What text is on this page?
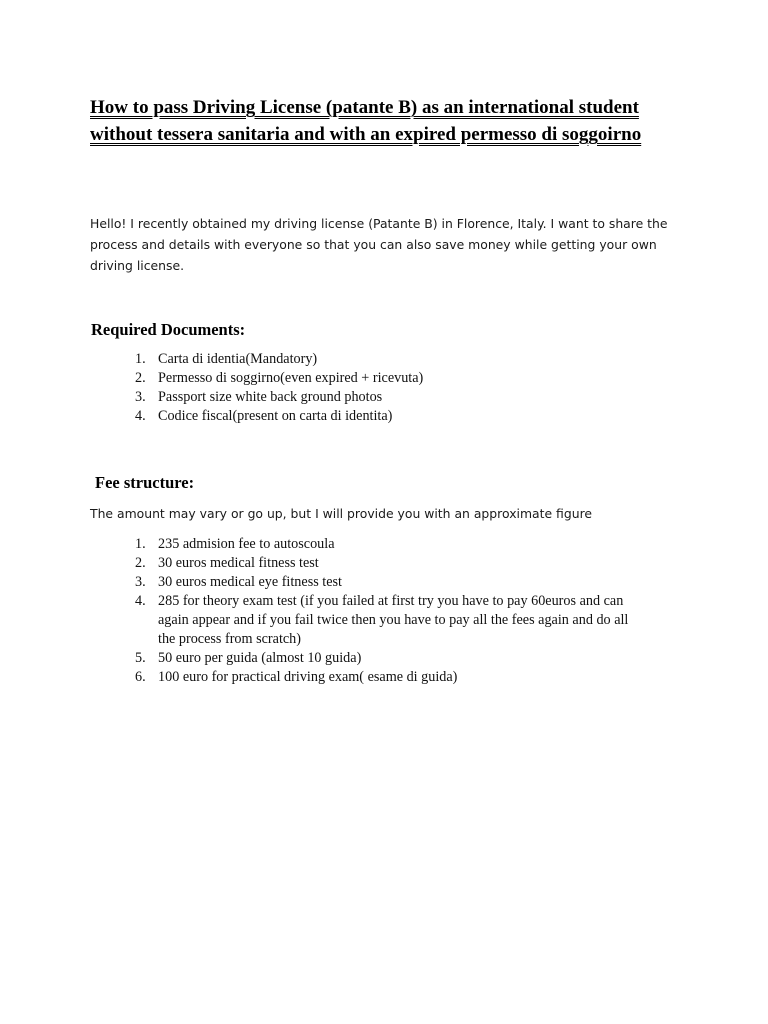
How to pass Driving License (patante B) as an international student
without tessera sanitaria and with an expired permesso di soggoirno

Hello! I recently obtained my driving license (Patante B) in Florence, Italy. I want to share the
process and details with everyone so that you can also save money while getting your own
driving license.

Required Documents:
1. Carta di identia(Mandatory)
2. Permesso di soggirno(even expired + ricevuta)
3. Passport size white back ground photos
4. Codice fiscal(present on carta di identita)
Fee structure:

The amount may vary or go up, but I will provide you with an approximate figure

1. 235 admision fee to autoscoula
2. 30 euros medical fitness test
3. 30 euros medical eye fitness test
4. 285 for theory exam test (if you failed at first try you have to pay 60euros and can
again appear and if you fail twice then you have to pay all the fees again and do all
the process from scratch)
5. 50 euro per guida (almost 10 guida)
6. 100 euro for practical driving exam( esame di guida)
